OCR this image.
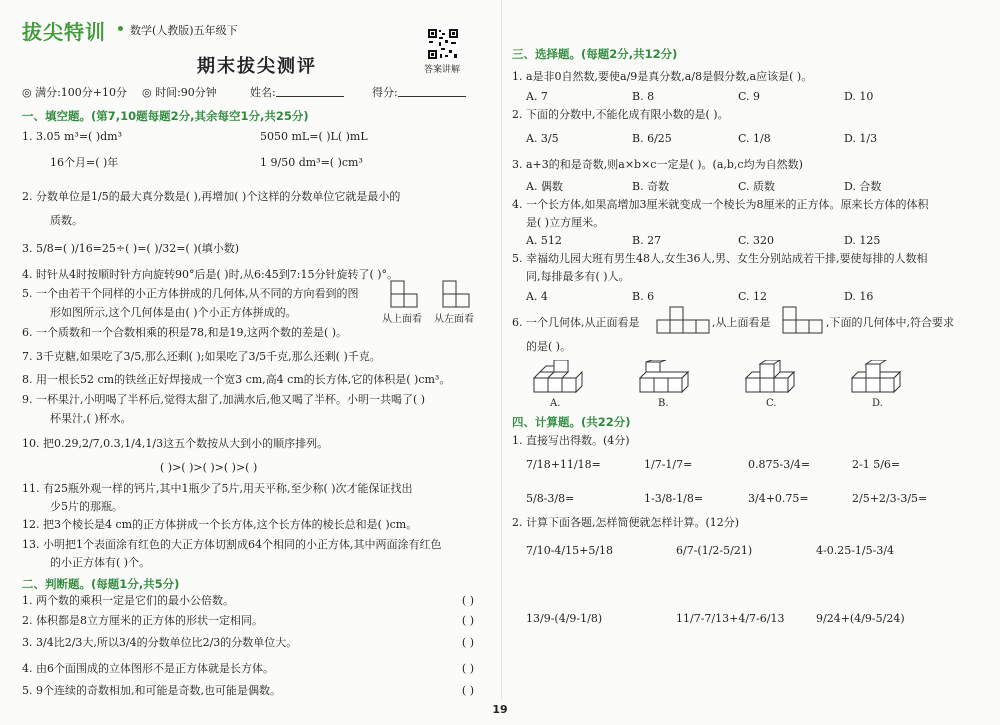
拔尖特训 数学(人教版)五年级下
答案讲解
期末拔尖测评
◎ 满分:100分+10分 ◎ 时间:90分钟	姓名:	得分:
一、填空题。(第7,10题每题2分,其余每空1分,共25分)
1. 3.05 m³=( )dm³	5050 mL=( )L( )mL
16个月=( )年	1 9/50 dm³=( )cm³
2. 分数单位是1/5的最大真分数是( ),再增加( )个这样的分数单位它就是最小的
质数。
3. 5/8=( )/16=25÷( )=( )/32=( )(填小数)
4. 时针从4时按顺时针方向旋转90°后是( )时,从6:45到7:15分针旋转了( )°。
5. 一个由若干个同样的小正方体拼成的几何体,从不同的方向看到的图
形如图所示,这个几何体是由( )个小正方体拼成的。
从上面看 从左面看
6. 一个质数和一个合数相乘的积是78,和是19,这两个数的差是( )。
7. 3千克糖,如果吃了3/5,那么还剩( );如果吃了3/5千克,那么还剩( )千克。
8. 用一根长52 cm的铁丝正好焊接成一个宽3 cm,高4 cm的长方体,它的体积是( )cm³。
9. 一杯果汁,小明喝了半杯后,觉得太甜了,加满水后,他又喝了半杯。小明一共喝了( )
杯果汁,( )杯水。
10. 把0.29,2/7,0.3,1/4,1/3这五个数按从大到小的顺序排列。
( )>( )>( )>( )>( )
11. 有25瓶外观一样的钙片,其中1瓶少了5片,用天平称,至少称( )次才能保证找出
少5片的那瓶。
12. 把3个棱长是4 cm的正方体拼成一个长方体,这个长方体的棱长总和是( )cm。
13. 小明把1个表面涂有红色的大正方体切割成64个相同的小正方体,其中两面涂有红色
的小正方体有( )个。
二、判断题。(每题1分,共5分)
1. 两个数的乘积一定是它们的最小公倍数。	( )
2. 体积都是8立方厘米的正方体的形状一定相同。	( )
3. 3/4比2/3大,所以3/4的分数单位比2/3的分数单位大。	( )
4. 由6个面围成的立体图形不是正方体就是长方体。	( )
5. 9个连续的奇数相加,和可能是奇数,也可能是偶数。	( )
三、选择题。(每题2分,共12分)
1. a是非0自然数,要使a/9是真分数,a/8是假分数,a应该是( )。
A. 7	B. 8	C. 9	D. 10
2. 下面的分数中,不能化成有限小数的是( )。
A. 3/5	B. 6/25	C. 1/8	D. 1/3
3. a+3的和是奇数,则a×b×c一定是( )。(a,b,c均为自然数)
A. 偶数	B. 奇数	C. 质数	D. 合数
4. 一个长方体,如果高增加3厘米就变成一个棱长为8厘米的正方体。原来长方体的体积
是( )立方厘米。
A. 512	B. 27	C. 320	D. 125
5. 幸福幼儿园大班有男生48人,女生36人,男、女生分别站成若干排,要使每排的人数相
同,每排最多有( )人。
A. 4	B. 6	C. 12	D. 16
6. 一个几何体,从正面看是	,从上面看是	,下面的几何体中,符合要求
的是( )。
A.	B.	C.	D.
四、计算题。(共22分)
1. 直接写出得数。(4分)
7/18+11/18=	1/7-1/7=	0.875-3/4=	2-1 5/6=
5/8-3/8=	1-3/8-1/8=	3/4+0.75=	2/5+2/3-3/5=
2. 计算下面各题,怎样简便就怎样计算。(12分)
7/10-4/15+5/18	6/7-(1/2-5/21)	4-0.25-1/5-3/4
13/9-(4/9-1/8)	11/7-7/13+4/7-6/13	9/24+(4/9-5/24)
19
